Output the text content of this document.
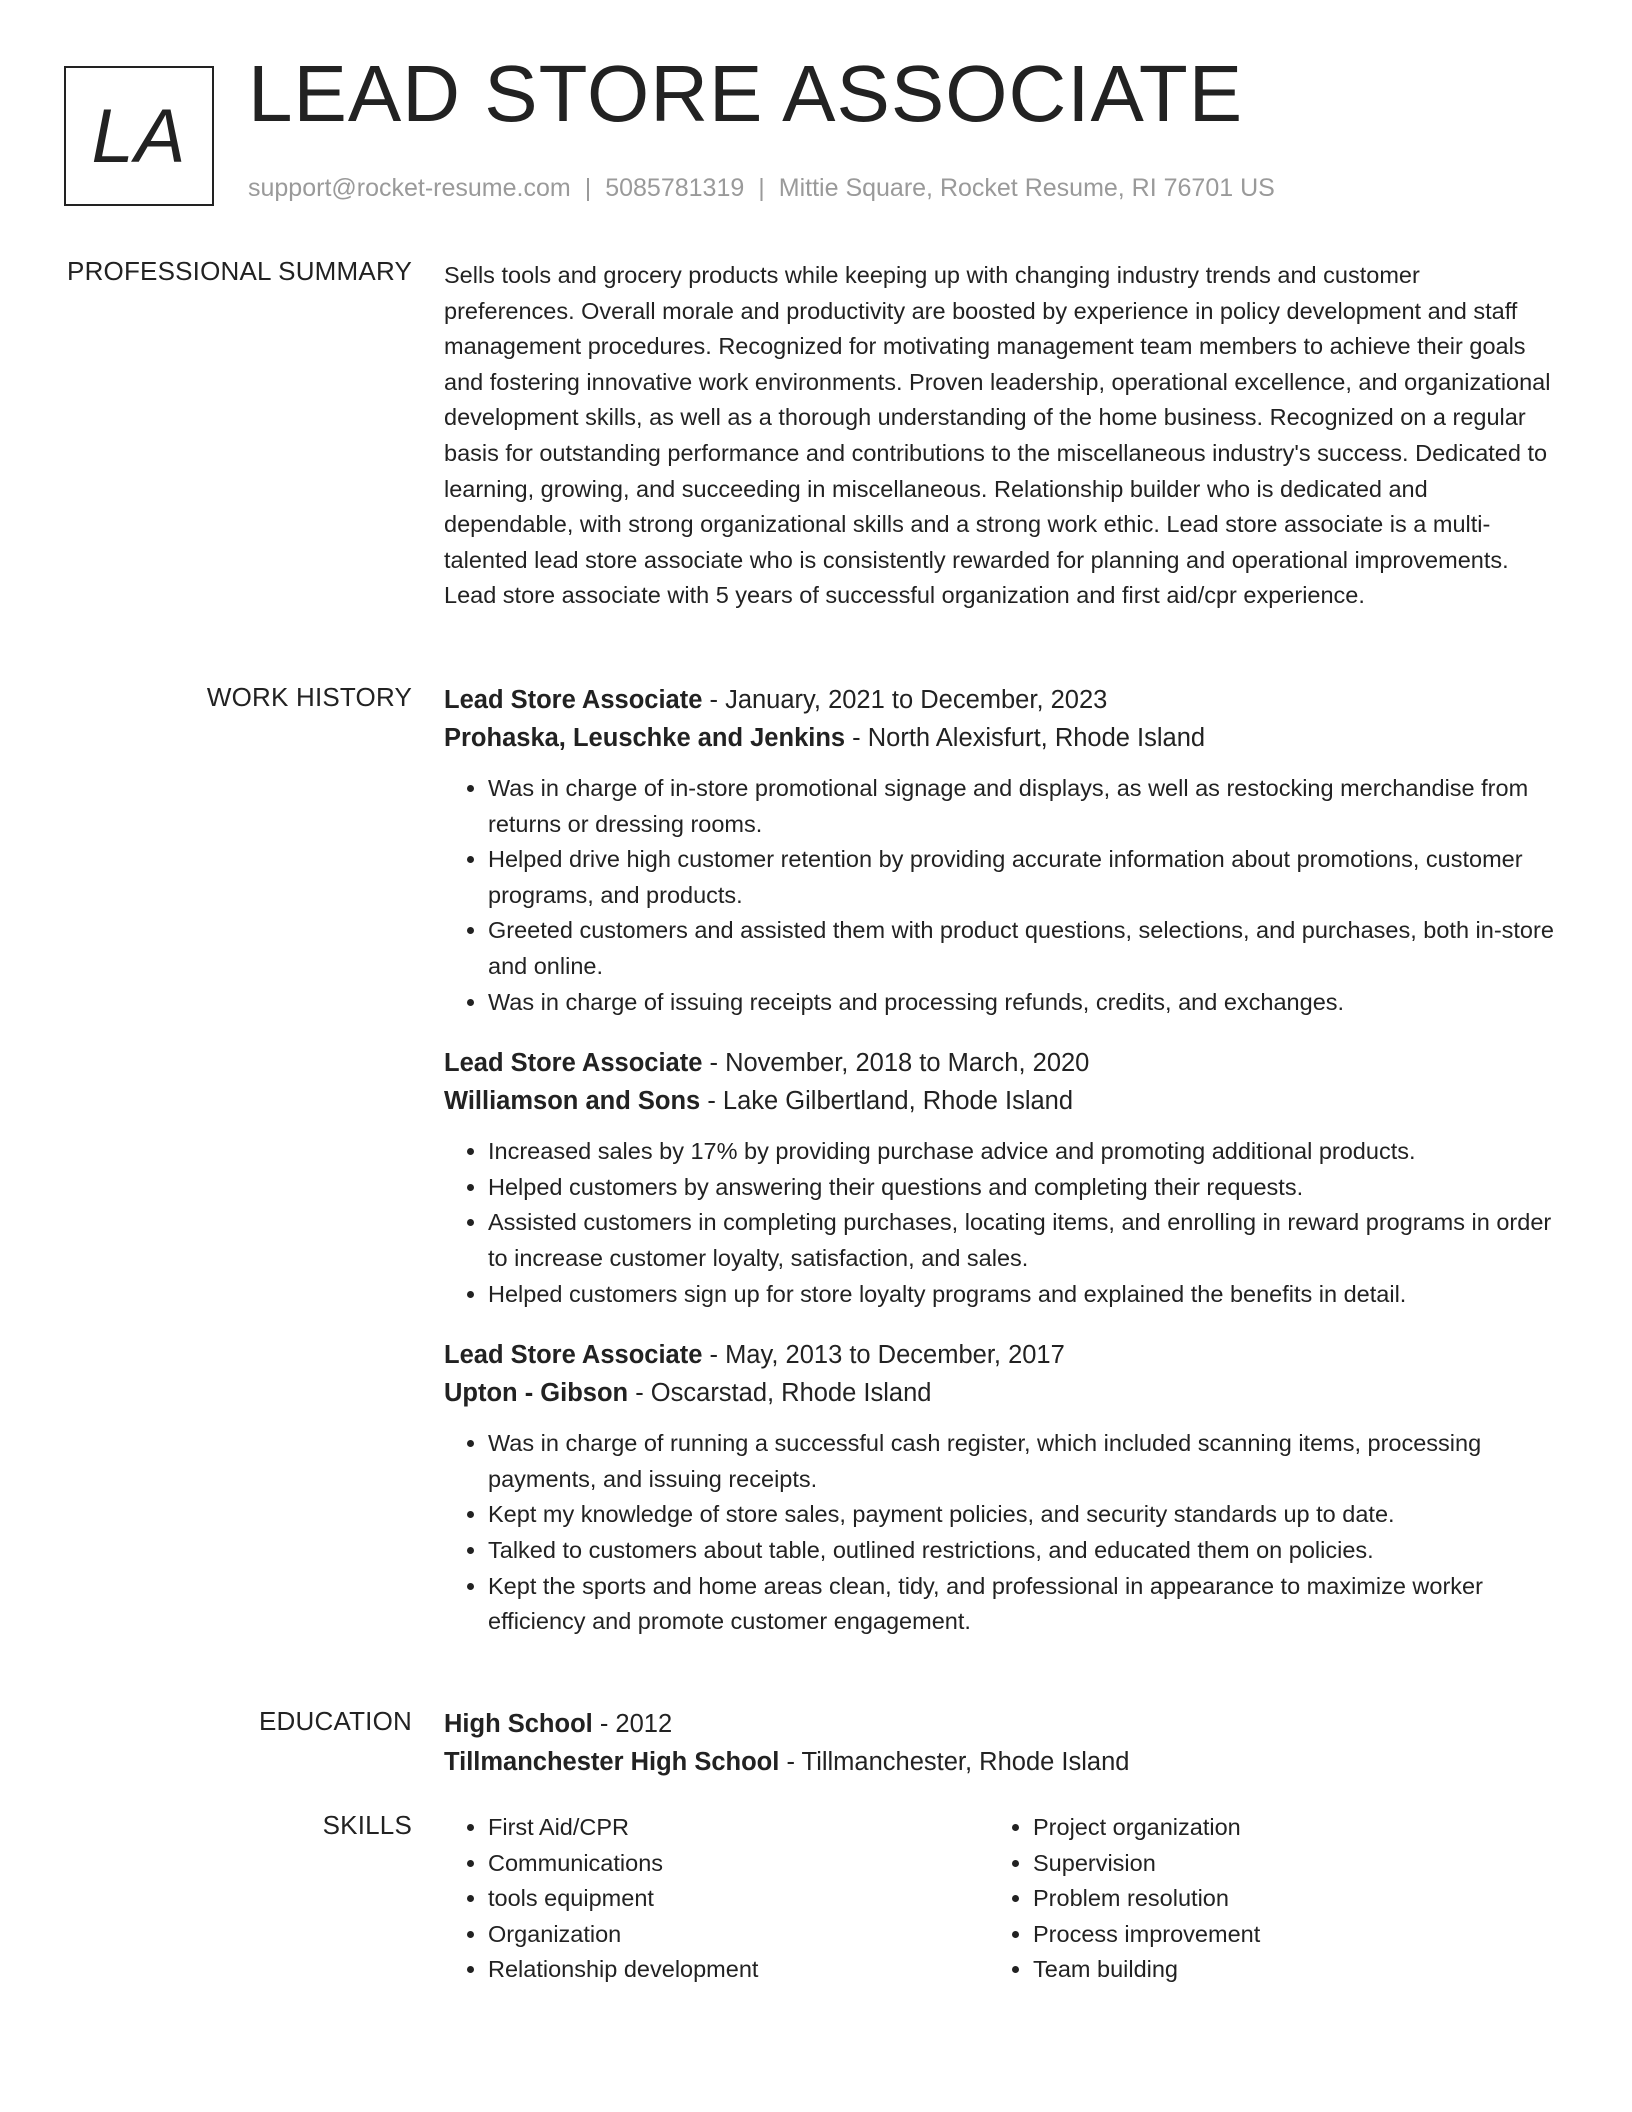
LA LEAD STORE ASSOCIATE
support@rocket-resume.com | 5085781319 | Mittie Square, Rocket Resume, RI 76701 US
PROFESSIONAL SUMMARY Sells tools and grocery products while keeping up with changing industry trends and customer preferences. Overall morale and productivity are boosted by experience in policy development and staff management procedures. Recognized for motivating management team members to achieve their goals and fostering innovative work environments. Proven leadership, operational excellence, and organizational development skills, as well as a thorough understanding of the home business. Recognized on a regular basis for outstanding performance and contributions to the miscellaneous industry's success. Dedicated to learning, growing, and succeeding in miscellaneous. Relationship builder who is dedicated and dependable, with strong organizational skills and a strong work ethic. Lead store associate is a multi-talented lead store associate who is consistently rewarded for planning and operational improvements. Lead store associate with 5 years of successful organization and first aid/cpr experience.

WORK HISTORY Lead Store Associate - January, 2021 to December, 2023
Prohaska, Leuschke and Jenkins - North Alexisfurt, Rhode Island
• Was in charge of in-store promotional signage and displays, as well as restocking merchandise from returns or dressing rooms.
• Helped drive high customer retention by providing accurate information about promotions, customer programs, and products.
• Greeted customers and assisted them with product questions, selections, and purchases, both in-store and online.
• Was in charge of issuing receipts and processing refunds, credits, and exchanges.
Lead Store Associate - November, 2018 to March, 2020
Williamson and Sons - Lake Gilbertland, Rhode Island
• Increased sales by 17% by providing purchase advice and promoting additional products.
• Helped customers by answering their questions and completing their requests.
• Assisted customers in completing purchases, locating items, and enrolling in reward programs in order to increase customer loyalty, satisfaction, and sales.
• Helped customers sign up for store loyalty programs and explained the benefits in detail.
Lead Store Associate - May, 2013 to December, 2017
Upton - Gibson - Oscarstad, Rhode Island
• Was in charge of running a successful cash register, which included scanning items, processing payments, and issuing receipts.
• Kept my knowledge of store sales, payment policies, and security standards up to date.
• Talked to customers about table, outlined restrictions, and educated them on policies.
• Kept the sports and home areas clean, tidy, and professional in appearance to maximize worker efficiency and promote customer engagement.
EDUCATION High School - 2012
Tillmanchester High School - Tillmanchester, Rhode Island
SKILLS
•	First Aid/CPR
• Communications
• tools equipment
• Organization
• Relationship development
• Project organization
• Supervision
• Problem resolution
• Process improvement
• Team building
